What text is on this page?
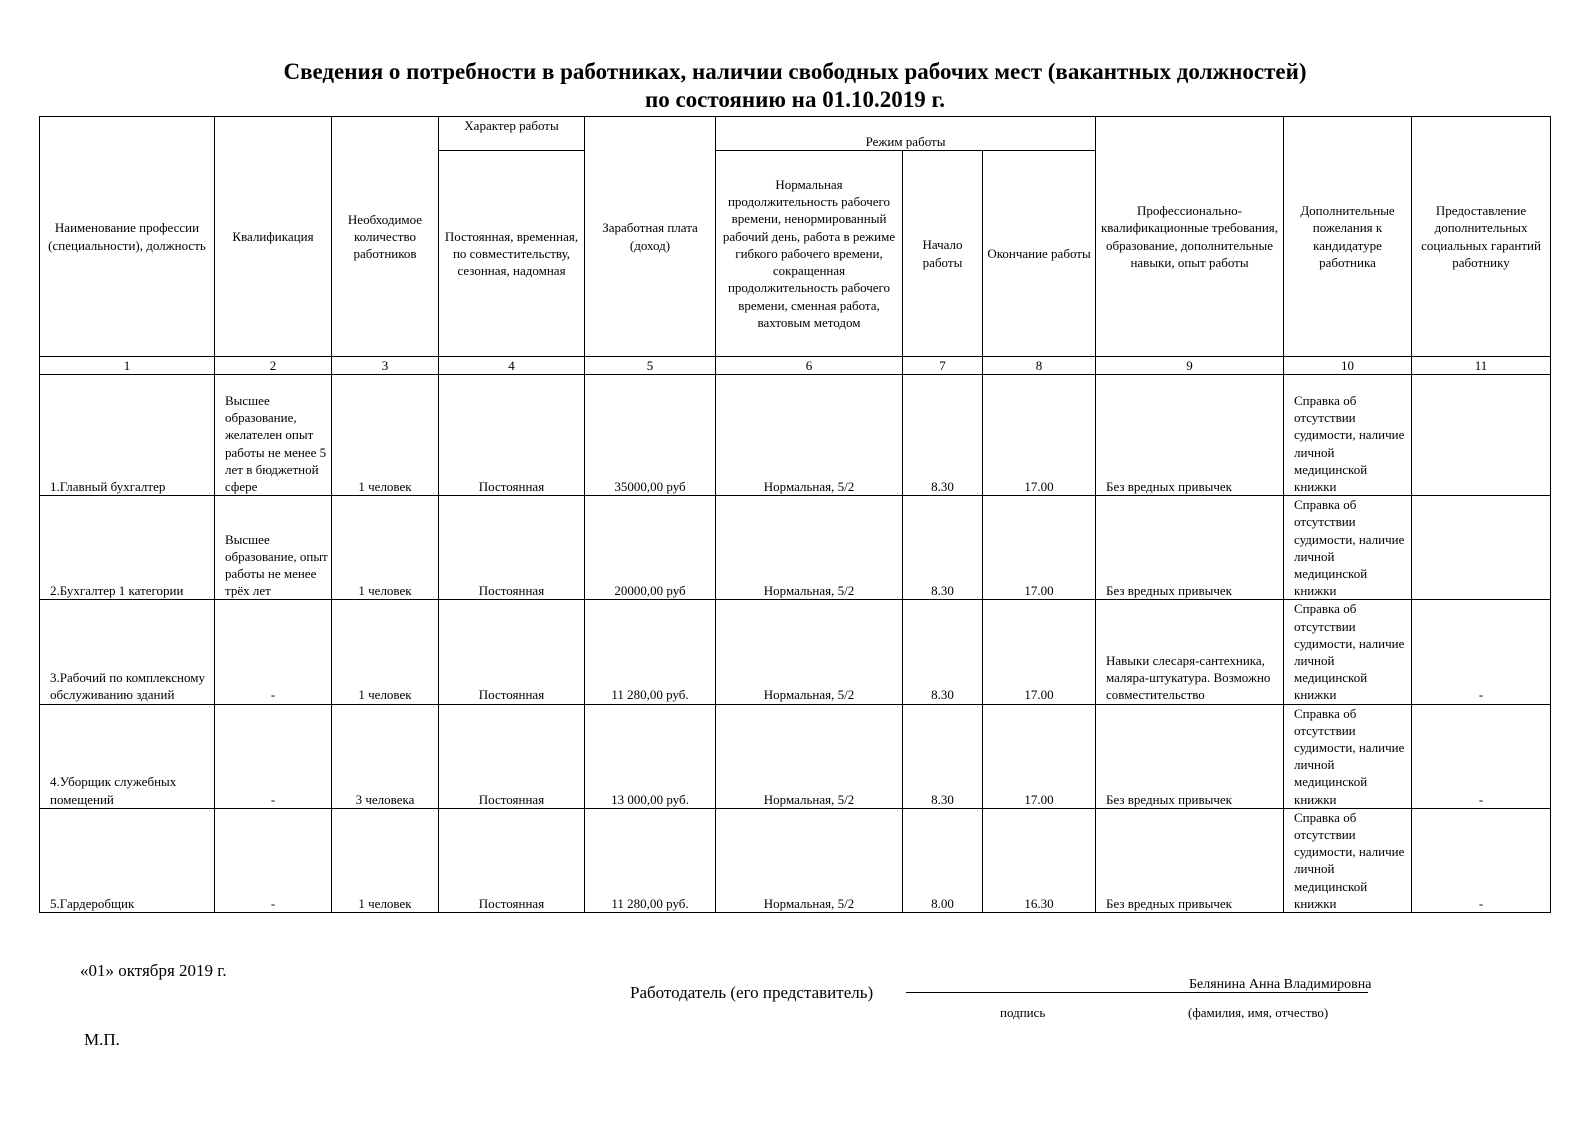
Сведения о потребности в работниках, наличии свободных рабочих мест (вакантных должностей)
по состоянию на 01.10.2019 г.
Наименование профессии (специальности), должность	Квалификация	Необходимое количество работников	Характер работы	Заработная плата (доход)	Режим работы			Профессионально-квалификационные требования, образование, дополнительные навыки, опыт работы	Дополнительные пожелания к кандидатуре работника	Предоставление дополнительных социальных гарантий работнику
			Постоянная, временная, по совместительству, сезонная, надомная		Нормальная продолжительность рабочего времени, ненормированный рабочий день, работа в режиме гибкого рабочего времени, сокращенная продолжительность рабочего времени, сменная работа, вахтовым методом	Начало работы	Окончание работы			
1	2	3	4	5	6	7	8	9	10	11
1.Главный бухгалтер	Высшее образование, желателен опыт работы не менее 5 лет в бюджетной сфере	1 человек	Постоянная	35000,00 руб	Нормальная, 5/2	8.30	17.00	Без вредных привычек	Справка об отсутствии судимости, наличие личной медицинской книжки	
2.Бухгалтер 1 категории	Высшее образование, опыт работы не менее трёх лет	1 человек	Постоянная	20000,00 руб	Нормальная, 5/2	8.30	17.00	Без вредных привычек	Справка об отсутствии судимости, наличие личной медицинской книжки	
3.Рабочий по комплексному обслуживанию зданий	-	1 человек	Постоянная	11 280,00 руб.	Нормальная, 5/2	8.30	17.00	Навыки слесаря-сантехника, маляра-штукатура. Возможно совместительство	Справка об отсутствии судимости, наличие личной медицинской книжки	-
4.Уборщик служебных помещений	-	3 человека	Постоянная	13 000,00 руб.	Нормальная, 5/2	8.30	17.00	Без вредных привычек	Справка об отсутствии судимости, наличие личной медицинской книжки	-
5.Гардеробщик	-	1 человек	Постоянная	11 280,00 руб.	Нормальная, 5/2	8.00	16.30	Без вредных привычек	Справка об отсутствии судимости, наличие личной медицинской книжки	-
«01» октября 2019 г.
Работодатель (его представитель)	Белянина Анна Владимировна
подпись	(фамилия, имя, отчество)
М.П.
